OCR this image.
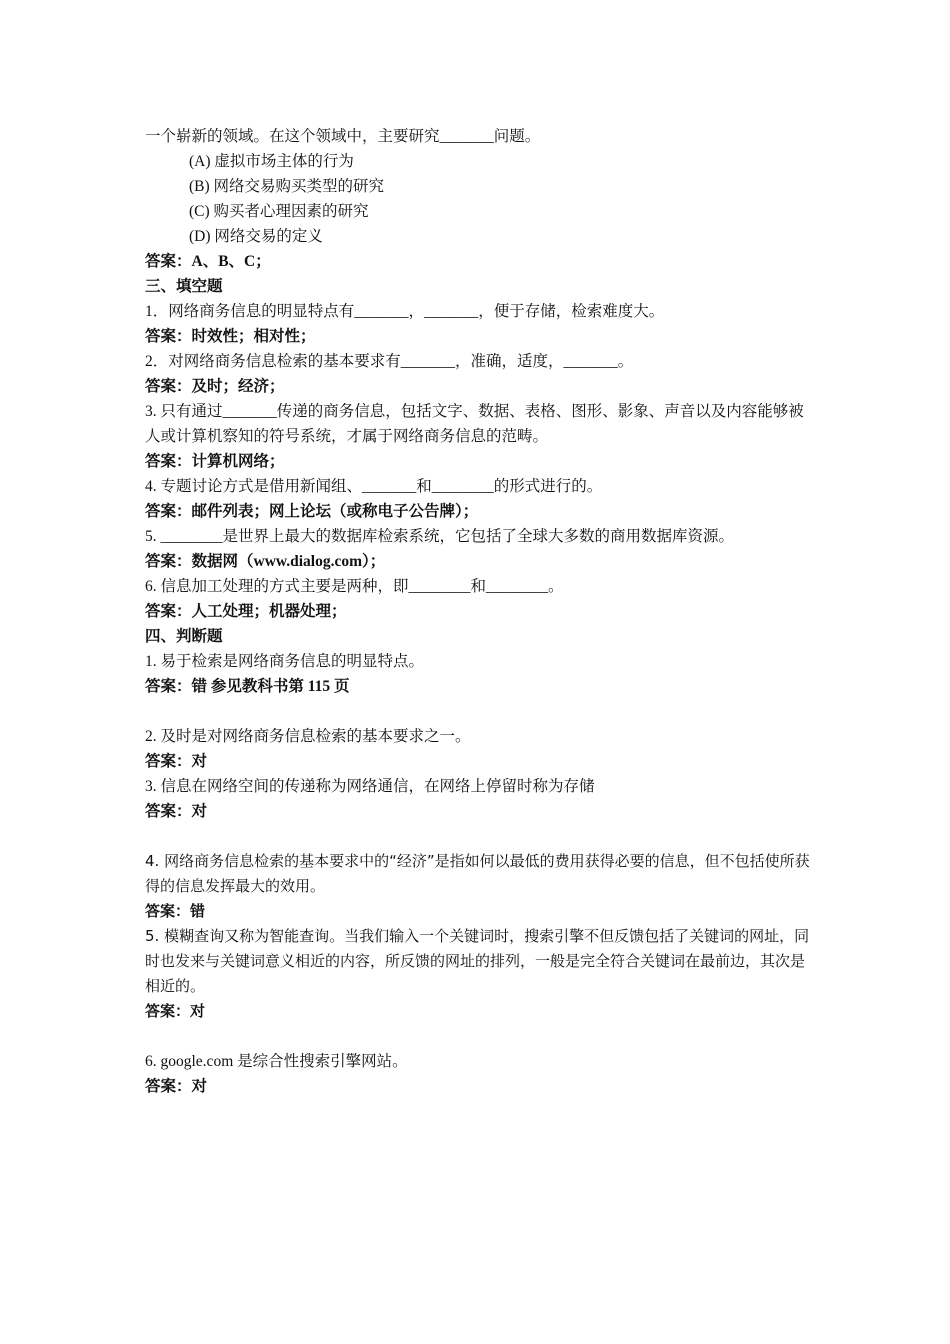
一个崭新的领域。在这个领域中，主要研究_______问题。
(A) 虚拟市场主体的行为
(B) 网络交易购买类型的研究
(C) 购买者心理因素的研究
(D) 网络交易的定义
答案：A、B、C；
三、填空题
1．网络商务信息的明显特点有_______，_______，便于存储，检索难度大。
答案：时效性；相对性；
2．对网络商务信息检索的基本要求有_______，准确，适度，_______。
答案：及时；经济；
3. 只有通过_______传递的商务信息，包括文字、数据、表格、图形、影象、声音以及内容能够被人或计算机察知的符号系统，才属于网络商务信息的范畴。
答案：计算机网络；
4. 专题讨论方式是借用新闻组、_______和________的形式进行的。
答案：邮件列表；网上论坛（或称电子公告牌）；
5. ________是世界上最大的数据库检索系统，它包括了全球大多数的商用数据库资源。
答案：数据网（www.dialog.com）；
6. 信息加工处理的方式主要是两种，即________和________。
答案：人工处理；机器处理；
四、判断题
1. 易于检索是网络商务信息的明显特点。
答案：错 参见教科书第 115 页
2. 及时是对网络商务信息检索的基本要求之一。
答案：对
3. 信息在网络空间的传递称为网络通信，在网络上停留时称为存储
答案：对
4. 网络商务信息检索的基本要求中的“经济”是指如何以最低的费用获得必要的信息，但不包括使所获得的信息发挥最大的效用。
答案：错
5. 模糊查询又称为智能查询。当我们输入一个关键词时，搜索引擎不但反馈包括了关键词的网址，同时也发来与关键词意义相近的内容，所反馈的网址的排列，一般是完全符合关键词在最前边，其次是相近的。
答案：对
6. google.com 是综合性搜索引擎网站。
答案：对
